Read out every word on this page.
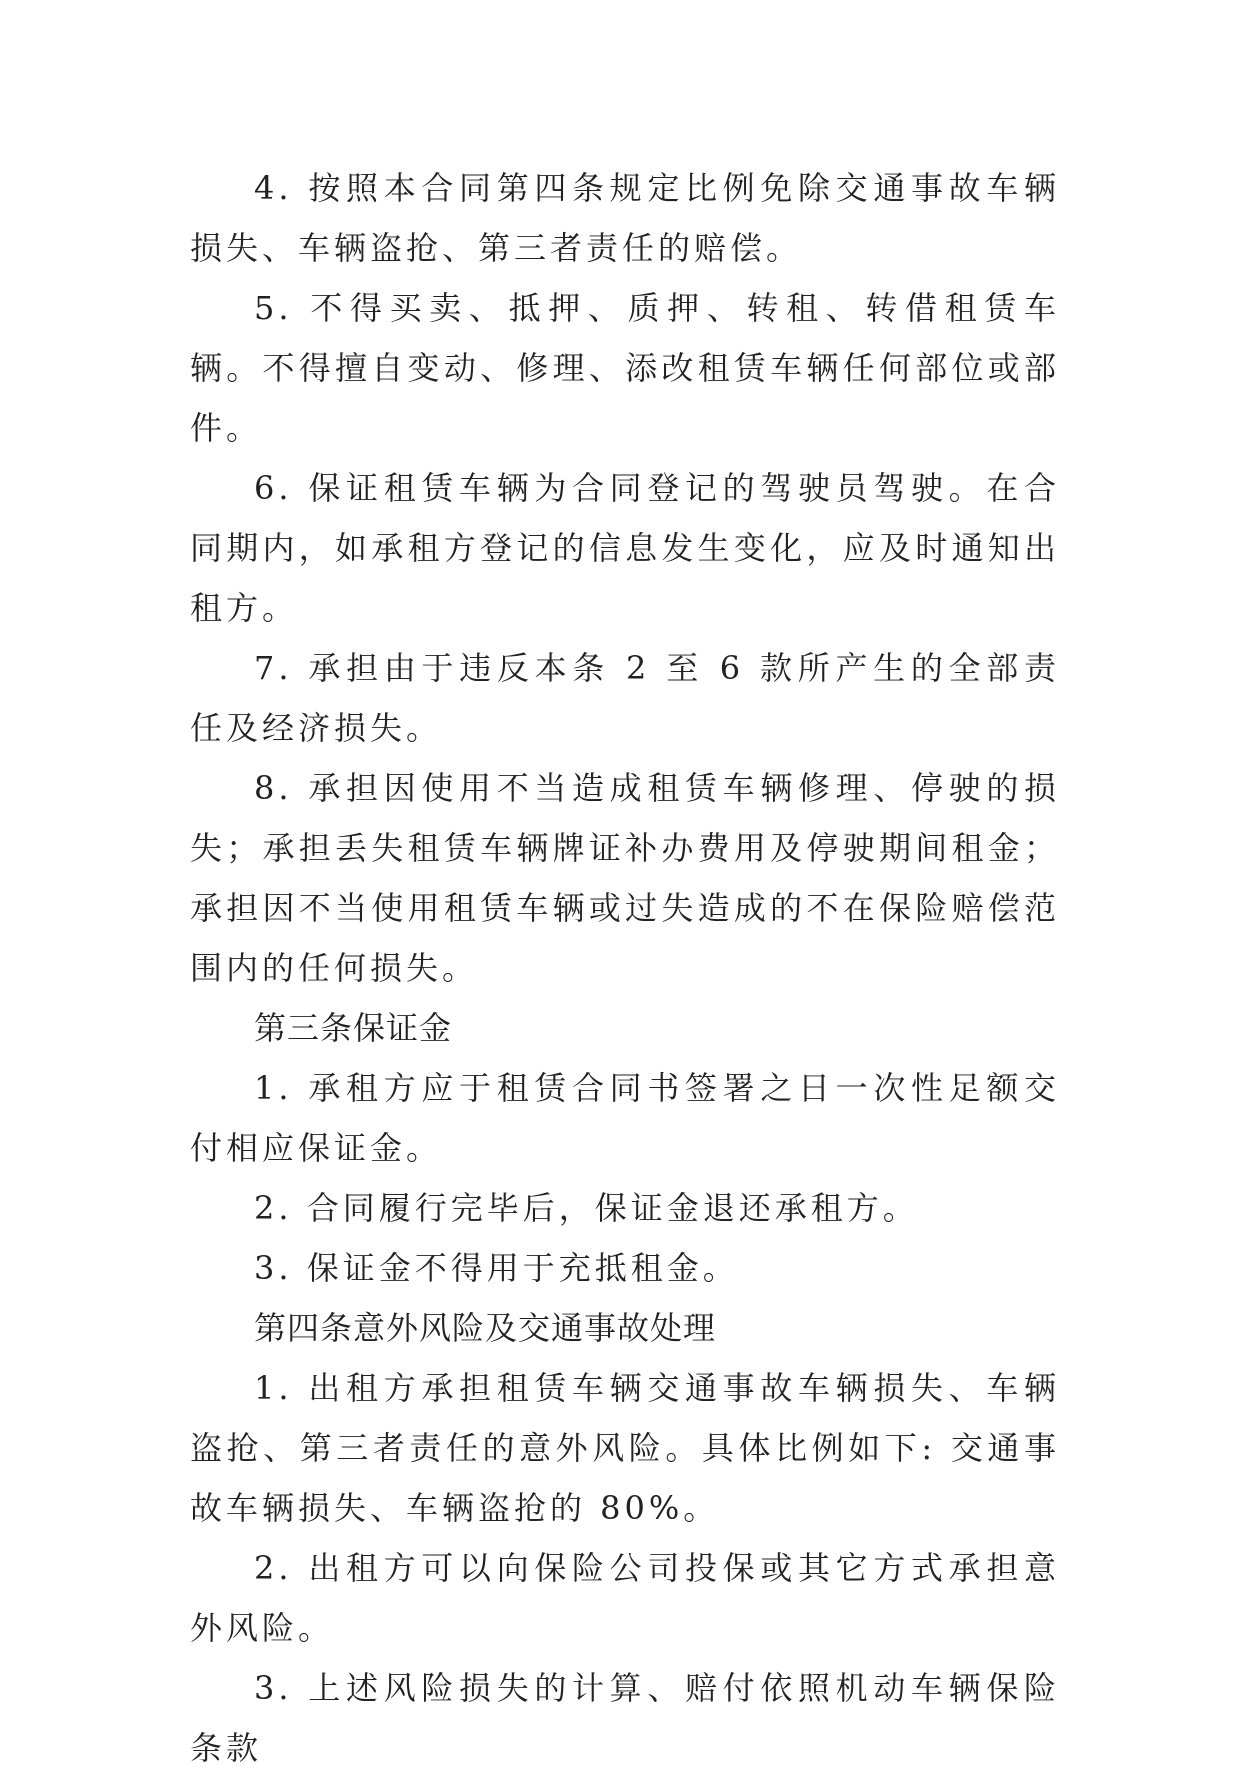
4. 按照本合同第四条规定比例免除交通事故车辆损失、车辆盗抢、第三者责任的赔偿。

5. 不得买卖、抵押、质押、转租、转借租赁车辆。不得擅自变动、修理、添改租赁车辆任何部位或部件。

6. 保证租赁车辆为合同登记的驾驶员驾驶。在合同期内，如承租方登记的信息发生变化，应及时通知出租方。

7. 承担由于违反本条 2 至 6 款所产生的全部责任及经济损失。

8. 承担因使用不当造成租赁车辆修理、停驶的损失；承担丢失租赁车辆牌证补办费用及停驶期间租金；承担因不当使用租赁车辆或过失造成的不在保险赔偿范围内的任何损失。

第三条保证金

1. 承租方应于租赁合同书签署之日一次性足额交付相应保证金。

2. 合同履行完毕后，保证金退还承租方。

3. 保证金不得用于充抵租金。

第四条意外风险及交通事故处理

1. 出租方承担租赁车辆交通事故车辆损失、车辆盗抢、第三者责任的意外风险。具体比例如下: 交通事故车辆损失、车辆盗抢的 80%。

2. 出租方可以向保险公司投保或其它方式承担意外风险。

3. 上述风险损失的计算、赔付依照机动车辆保险条款
